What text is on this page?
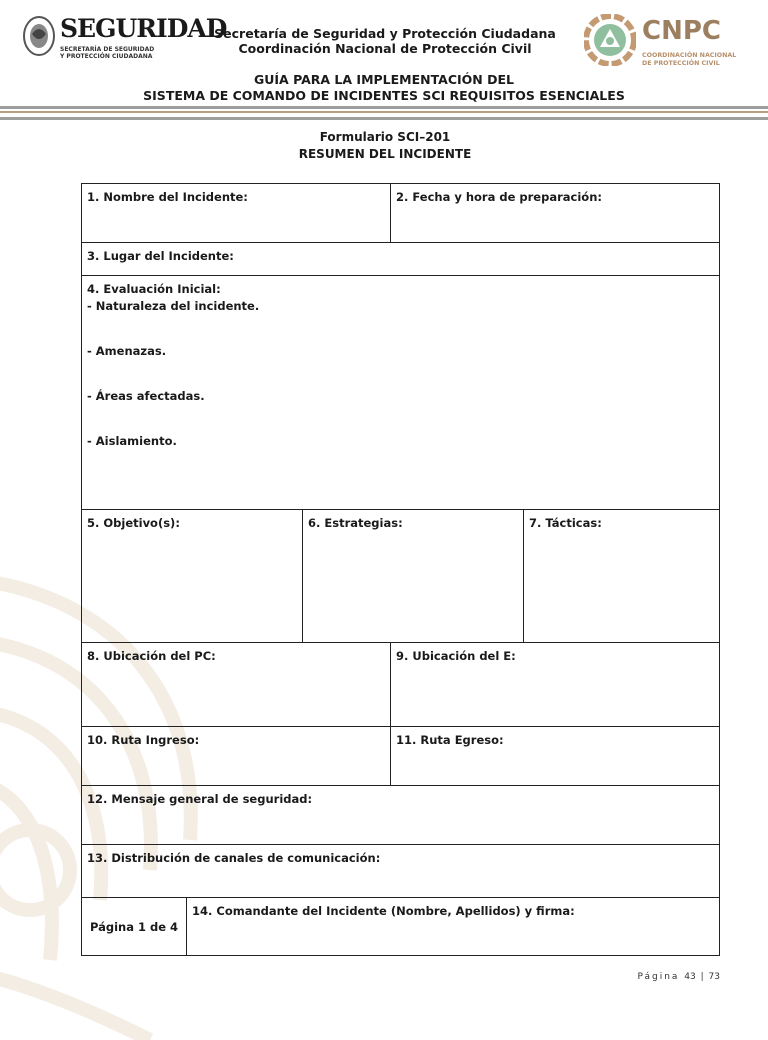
SEGURIDAD
SECRETARÍA DE SEGURIDAD
Y PROTECCIÓN CIUDADANA
Secretaría de Seguridad y Protección Ciudadana
Coordinación Nacional de Protección Civil
CNPC
COORDINACIÓN NACIONAL
DE PROTECCIÓN CIVIL
GUÍA PARA LA IMPLEMENTACIÓN DEL
SISTEMA DE COMANDO DE INCIDENTES SCI REQUISITOS ESENCIALES
Formulario SCI–201
RESUMEN DEL INCIDENTE
1. Nombre del Incidente:			2. Fecha y hora de preparación:	
3. Lugar del Incidente:				

4. Evaluación Inicial:
- Naturaleza del incidente.
- Amenazas.
- Áreas afectadas.
- Aislamiento.				

5. Objetivo(s):		6. Estrategias:		7. Tácticas:
8. Ubicación del PC:			9. Ubicación del E:	
10. Ruta Ingreso:			11. Ruta Egreso:	
12. Mensaje general de seguridad:				
13. Distribución de canales de comunicación:				
Página 1 de 4	14. Comandante del Incidente (Nombre, Apellidos) y firma:			
Página 43 | 73
